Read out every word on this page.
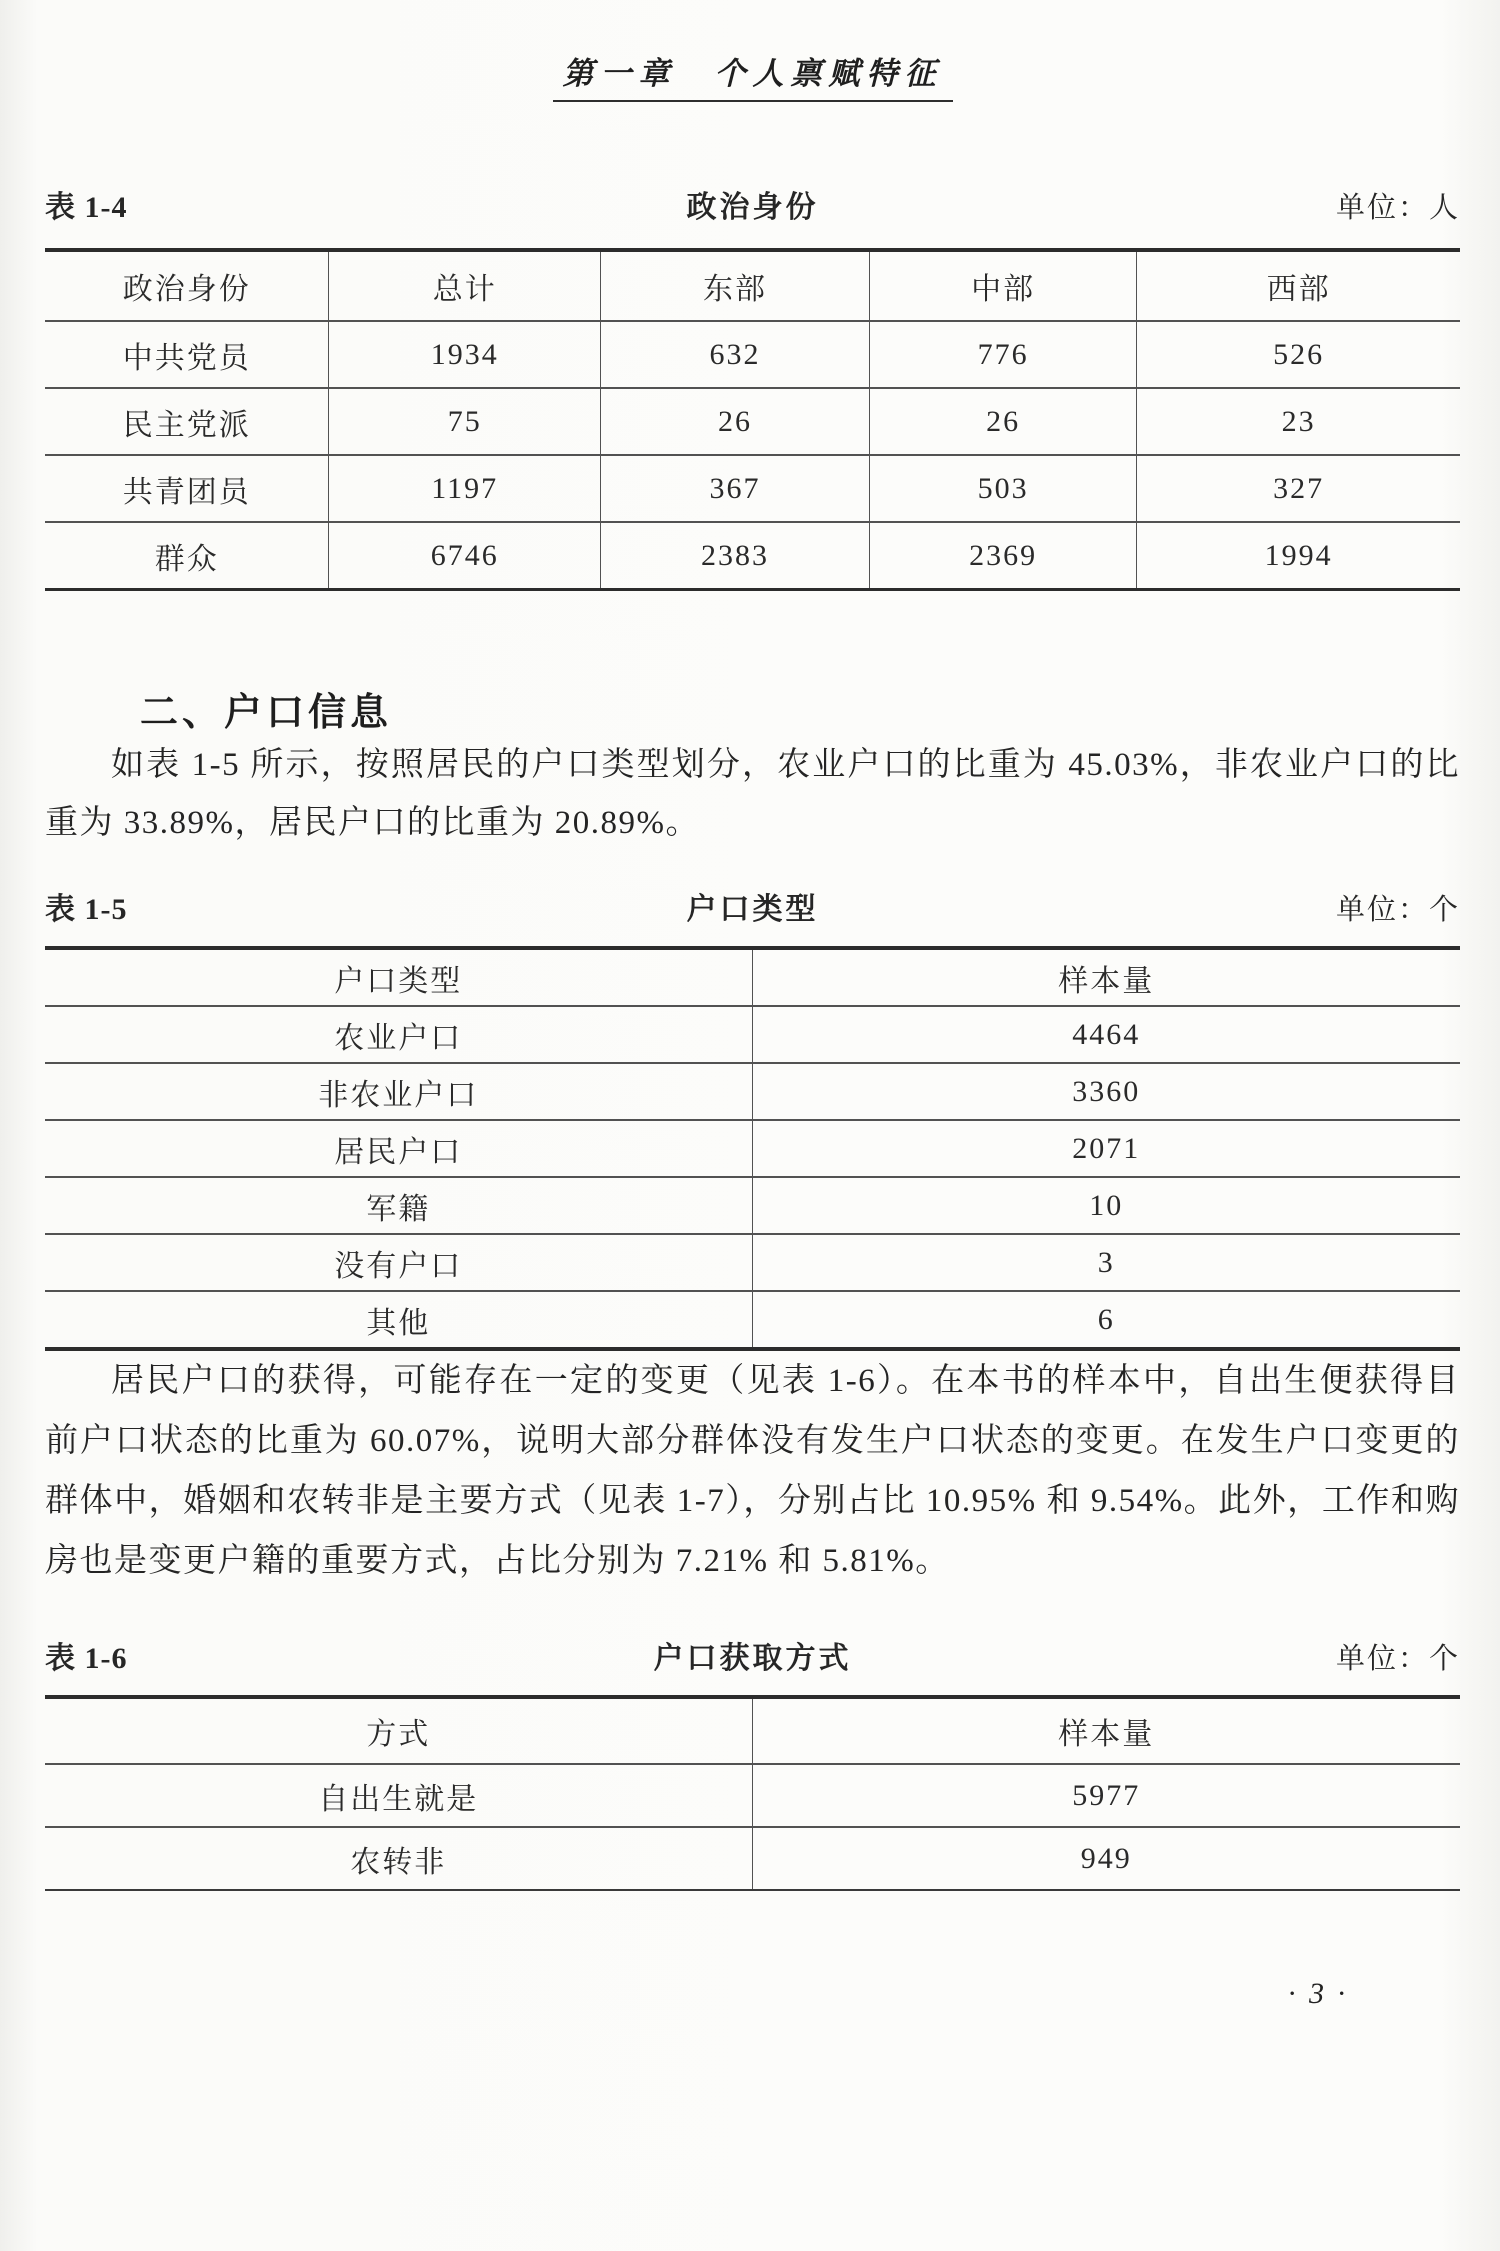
第一章　个人禀赋特征
表 1-4	政治身份	单位：人
政治身份	总计	东部	中部	西部
中共党员	1934	632	776	526
民主党派	75	26	26	23
共青团员	1197	367	503	327
群众	6746	2383	2369	1994
二、户口信息

如表 1-5 所示，按照居民的户口类型划分，农业户口的比重为 45.03%，非农业户口的比重为 33.89%，居民户口的比重为 20.89%。

表 1-5	户口类型	单位：个
户口类型	样本量
农业户口	4464
非农业户口	3360
居民户口	2071
军籍	10
没有户口	3
其他	6

居民户口的获得，可能存在一定的变更（见表 1-6）。在本书的样本中，自出生便获得目前户口状态的比重为 60.07%，说明大部分群体没有发生户口状态的变更。在发生户口变更的群体中，婚姻和农转非是主要方式（见表 1-7），分别占比 10.95% 和 9.54%。此外，工作和购房也是变更户籍的重要方式，占比分别为 7.21% 和 5.81%。

表 1-6	户口获取方式	单位：个
方式	样本量
自出生就是	5977
农转非	949
· 3 ·
